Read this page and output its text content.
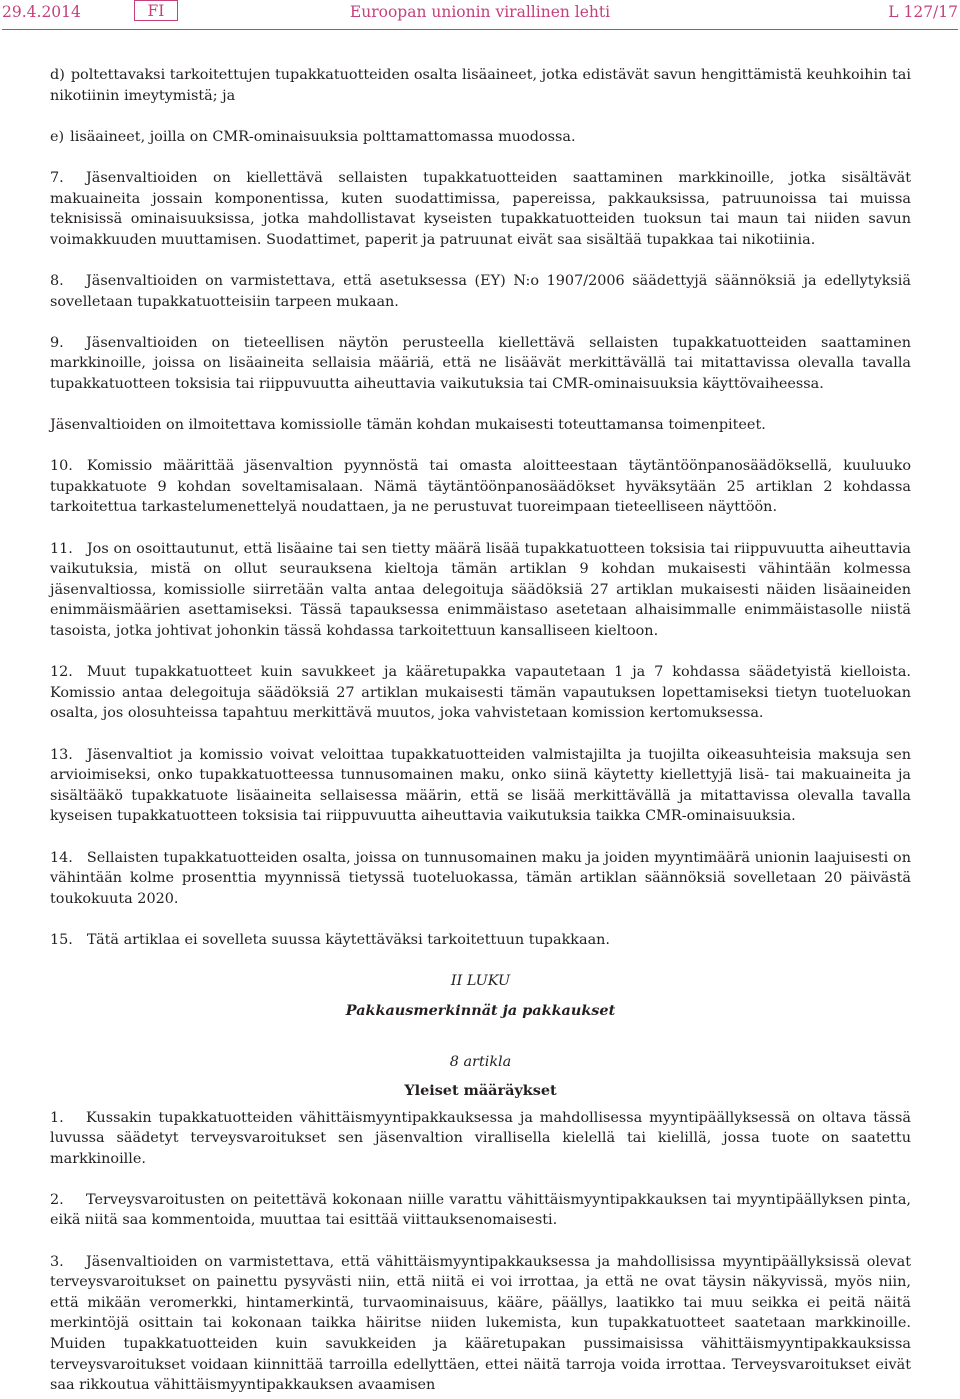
29.4.2014	FI	Euroopan unionin virallinen lehti	L 127/17

d) poltettavaksi tarkoitettujen tupakkatuotteiden osalta lisäaineet, jotka edistävät savun hengittämistä keuhkoihin tai nikotiinin imeytymistä; ja

e) lisäaineet, joilla on CMR-ominaisuuksia polttamattomassa muodossa.

7. Jäsenvaltioiden on kiellettävä sellaisten tupakkatuotteiden saattaminen markkinoille, jotka sisältävät makuaineita jossain komponentissa, kuten suodattimissa, papereissa, pakkauksissa, patruunoissa tai muissa teknisissä ominaisuuksissa, jotka mahdollistavat kyseisten tupakkatuotteiden tuoksun tai maun tai niiden savun voimakkuuden muuttamisen. Suodattimet, paperit ja patruunat eivät saa sisältää tupakkaa tai nikotiinia.

8. Jäsenvaltioiden on varmistettava, että asetuksessa (EY) N:o 1907/2006 säädettyjä säännöksiä ja edellytyksiä sovelletaan tupakkatuotteisiin tarpeen mukaan.

9. Jäsenvaltioiden on tieteellisen näytön perusteella kiellettävä sellaisten tupakkatuotteiden saattaminen markkinoille, joissa on lisäaineita sellaisia määriä, että ne lisäävät merkittävällä tai mitattavissa olevalla tavalla tupakkatuotteen toksisia tai riippuvuutta aiheuttavia vaikutuksia tai CMR-ominaisuuksia käyttövaiheessa.

Jäsenvaltioiden on ilmoitettava komissiolle tämän kohdan mukaisesti toteuttamansa toimenpiteet.

10. Komissio määrittää jäsenvaltion pyynnöstä tai omasta aloitteestaan täytäntöönpanosäädöksellä, kuuluuko tupakkatuote 9 kohdan soveltamisalaan. Nämä täytäntöönpanosäädökset hyväksytään 25 artiklan 2 kohdassa tarkoitettua tarkastelumenettelyä noudattaen, ja ne perustuvat tuoreimpaan tieteelliseen näyttöön.

11. Jos on osoittautunut, että lisäaine tai sen tietty määrä lisää tupakkatuotteen toksisia tai riippuvuutta aiheuttavia vaikutuksia, mistä on ollut seurauksena kieltoja tämän artiklan 9 kohdan mukaisesti vähintään kolmessa jäsenvaltiossa, komissiolle siirretään valta antaa delegoituja säädöksiä 27 artiklan mukaisesti näiden lisäaineiden enimmäismäärien asettamiseksi. Tässä tapauksessa enimmäistaso asetetaan alhaisimmalle enimmäistasolle niistä tasoista, jotka johtivat johonkin tässä kohdassa tarkoitettuun kansalliseen kieltoon.

12. Muut tupakkatuotteet kuin savukkeet ja kääretupakka vapautetaan 1 ja 7 kohdassa säädetyistä kielloista. Komissio antaa delegoituja säädöksiä 27 artiklan mukaisesti tämän vapautuksen lopettamiseksi tietyn tuoteluokan osalta, jos olosuhteissa tapahtuu merkittävä muutos, joka vahvistetaan komission kertomuksessa.

13. Jäsenvaltiot ja komissio voivat veloittaa tupakkatuotteiden valmistajilta ja tuojilta oikeasuhteisia maksuja sen arvioimiseksi, onko tupakkatuotteessa tunnusomainen maku, onko siinä käytetty kiellettyjä lisä- tai makuaineita ja sisältääkö tupakkatuote lisäaineita sellaisessa määrin, että se lisää merkittävällä ja mitattavissa olevalla tavalla kyseisen tupakkatuotteen toksisia tai riippuvuutta aiheuttavia vaikutuksia taikka CMR-ominaisuuksia.

14. Sellaisten tupakkatuotteiden osalta, joissa on tunnusomainen maku ja joiden myyntimäärä unionin laajuisesti on vähintään kolme prosenttia myynnissä tietyssä tuoteluokassa, tämän artiklan säännöksiä sovelletaan 20 päivästä toukokuuta 2020.

15. Tätä artiklaa ei sovelleta suussa käytettäväksi tarkoitettuun tupakkaan.

II LUKU

Pakkausmerkinnät ja pakkaukset

8 artikla

Yleiset määräykset

1. Kussakin tupakkatuotteiden vähittäismyyntipakkauksessa ja mahdollisessa myyntipäällyksessä on oltava tässä luvussa säädetyt terveysvaroitukset sen jäsenvaltion virallisella kielellä tai kielillä, jossa tuote on saatettu markkinoille.

2. Terveysvaroitusten on peitettävä kokonaan niille varattu vähittäismyyntipakkauksen tai myyntipäällyksen pinta, eikä niitä saa kommentoida, muuttaa tai esittää viittauksenomaisesti.

3. Jäsenvaltioiden on varmistettava, että vähittäismyyntipakkauksessa ja mahdollisissa myyntipäällyksissä olevat terveysvaroitukset on painettu pysyvästi niin, että niitä ei voi irrottaa, ja että ne ovat täysin näkyvissä, myös niin, että mikään veromerkki, hintamerkintä, turvaominaisuus, kääre, päällys, laatikko tai muu seikka ei peitä näitä merkintöjä osittain tai kokonaan taikka häiritse niiden lukemista, kun tupakkatuotteet saatetaan markkinoille. Muiden tupakkatuotteiden kuin savukkeiden ja kääretupakan pussimaisissa vähittäismyyntipakkauksissa terveysvaroitukset voidaan kiinnittää tarroilla edellyttäen, ettei näitä tarroja voida irrottaa. Terveysvaroitukset eivät saa rikkoutua vähittäismyyntipakkauksen avaamisen
